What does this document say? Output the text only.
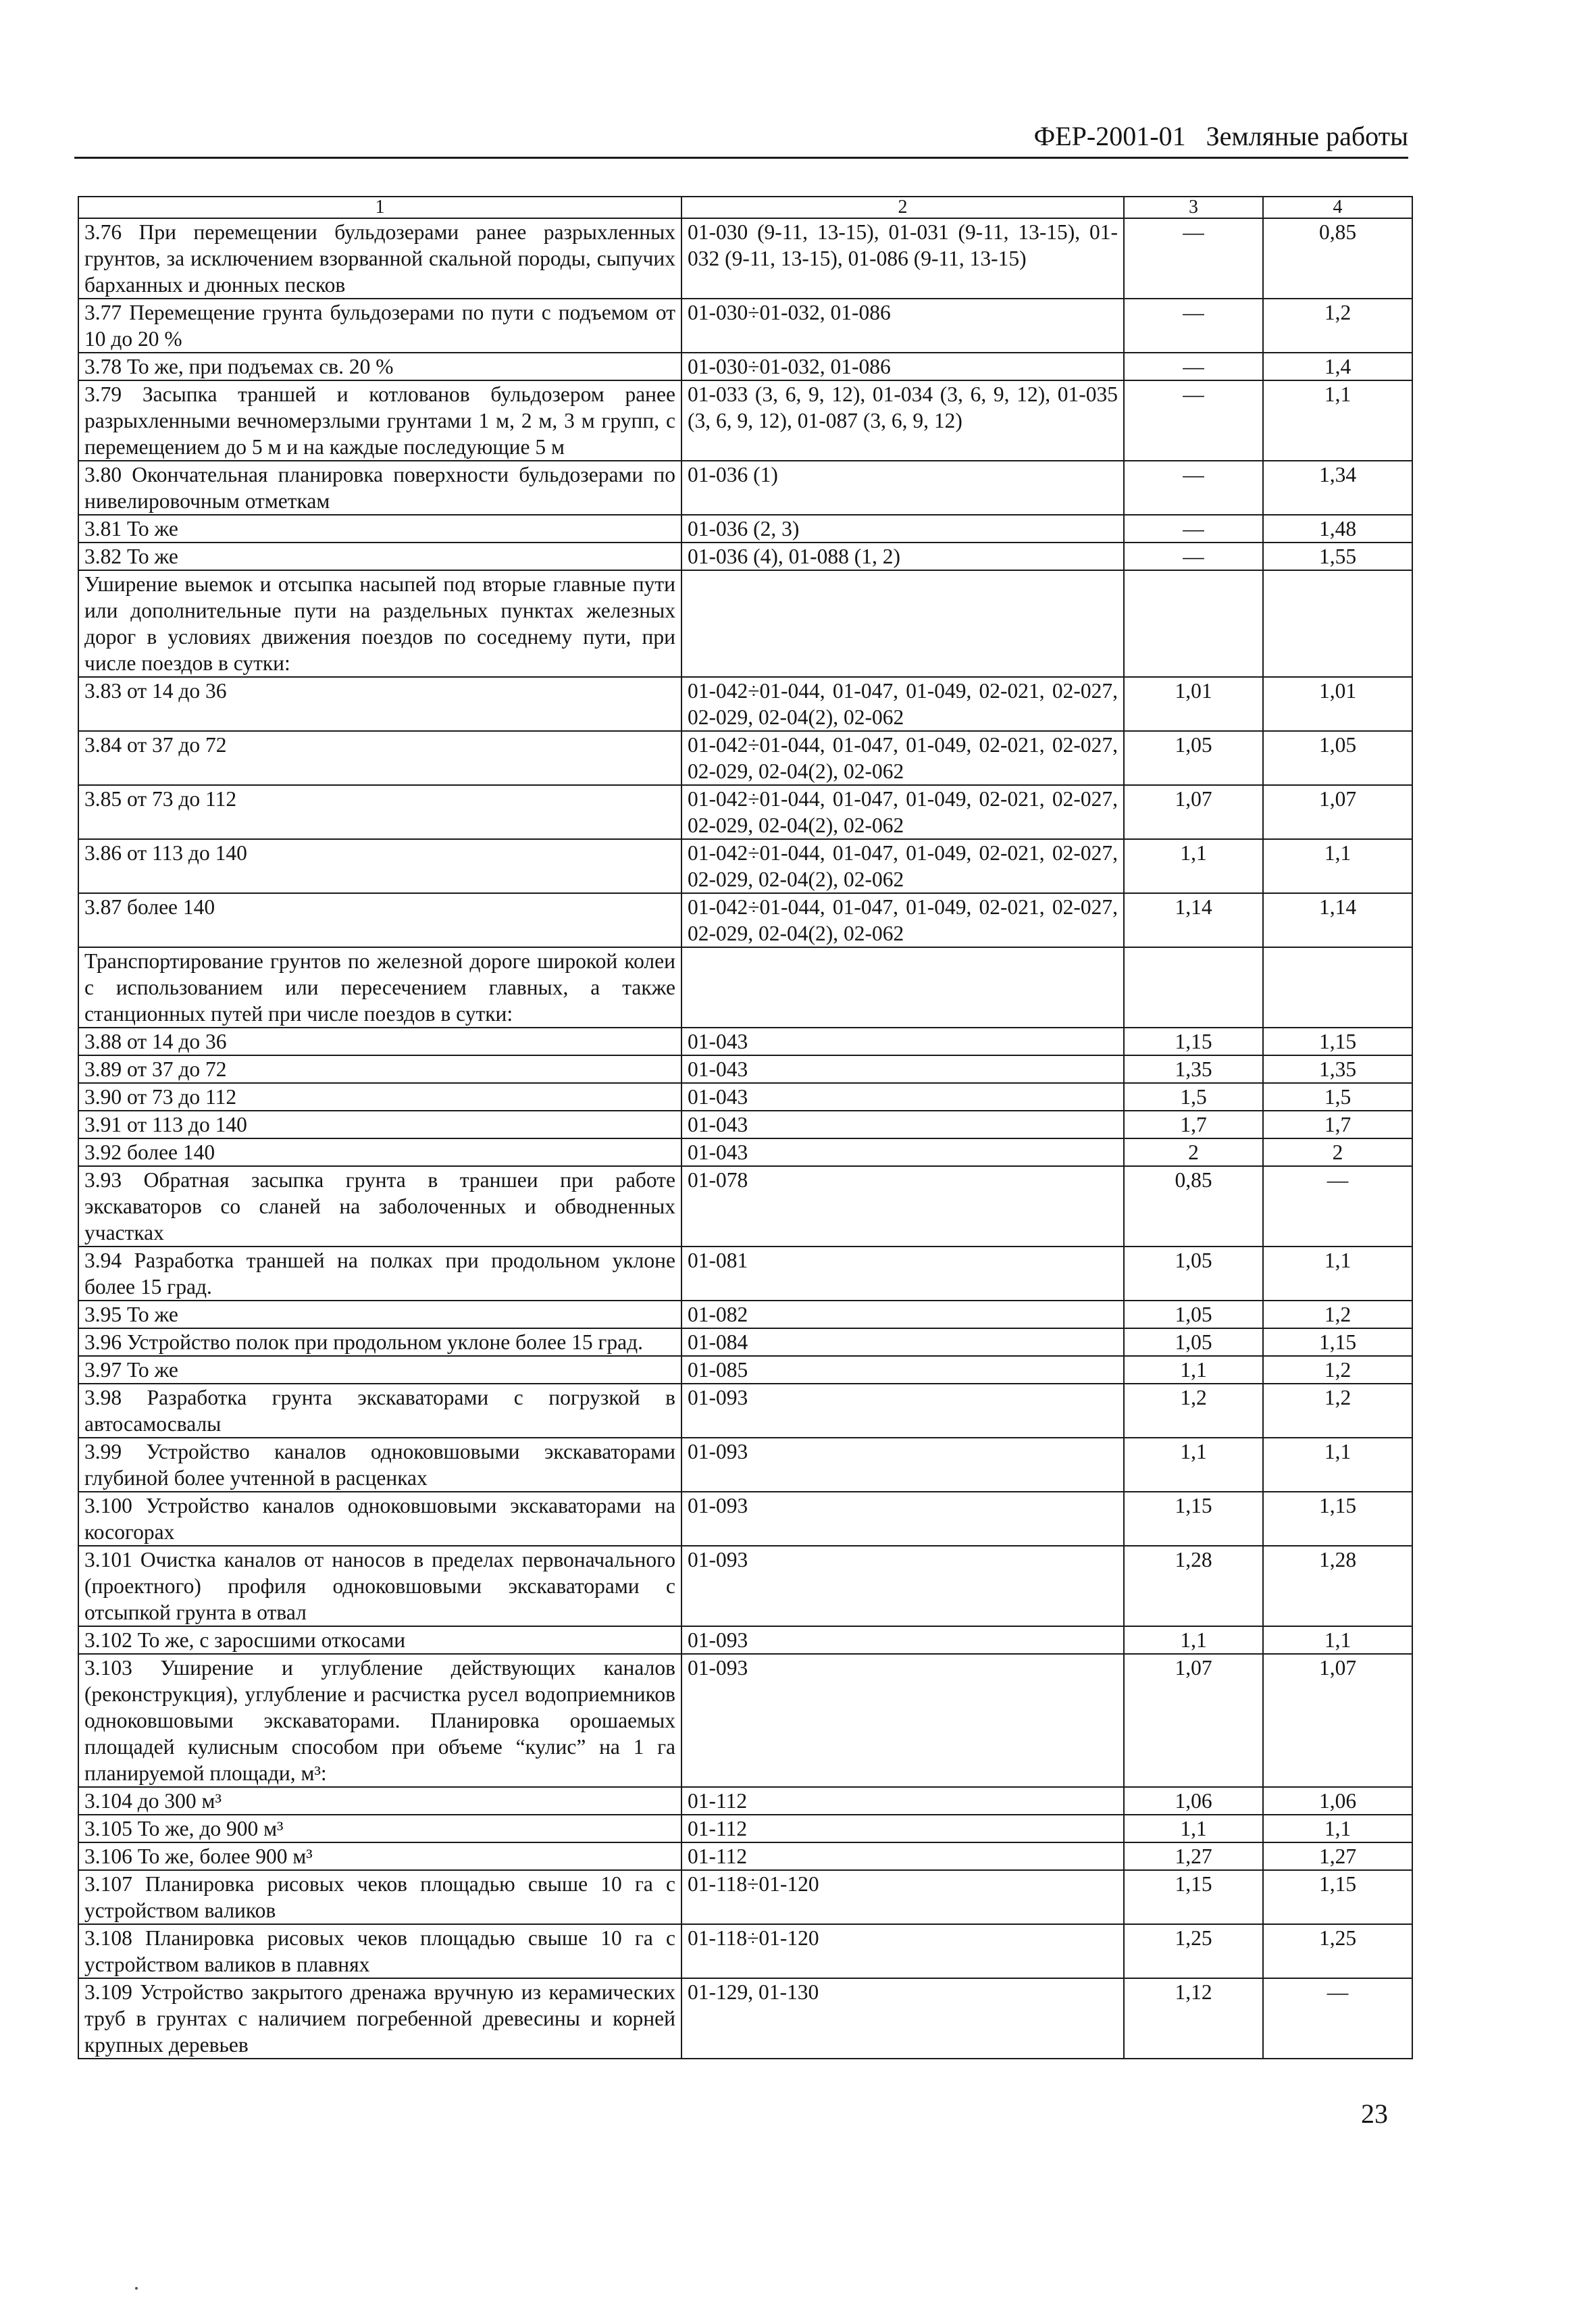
ФЕР-2001-01 Земляные работы
1	2	3	4
3.76 При перемещении бульдозерами ранее разрыхленных грунтов, за исключением взорванной скальной породы, сыпучих барханных и дюнных песков	01-030 (9-11, 13-15), 01-031 (9-11, 13-15), 01-032 (9-11, 13-15), 01-086 (9-11, 13-15)	—	0,85
3.77 Перемещение грунта бульдозерами по пути с подъемом от 10 до 20 %	01-030÷01-032, 01-086	—	1,2
3.78 То же, при подъемах св. 20 %	01-030÷01-032, 01-086	—	1,4
3.79 Засыпка траншей и котлованов бульдозером ранее разрыхленными вечномерзлыми грунтами 1 м, 2 м, 3 м групп, с перемещением до 5 м и на каждые последующие 5 м	01-033 (3, 6, 9, 12), 01-034 (3, 6, 9, 12), 01-035 (3, 6, 9, 12), 01-087 (3, 6, 9, 12)	—	1,1
3.80 Окончательная планировка поверхности бульдозерами по нивелировочным отметкам	01-036 (1)	—	1,34
3.81 То же	01-036 (2, 3)	—	1,48
3.82 То же	01-036 (4), 01-088 (1, 2)	—	1,55
Уширение выемок и отсыпка насыпей под вторые главные пути или дополнительные пути на раздельных пунктах железных дорог в условиях движения поездов по соседнему пути, при числе поездов в сутки:			
3.83 от 14 до 36	01-042÷01-044, 01-047, 01-049, 02-021, 02-027, 02-029, 02-04(2), 02-062	1,01	1,01
3.84 от 37 до 72	01-042÷01-044, 01-047, 01-049, 02-021, 02-027, 02-029, 02-04(2), 02-062	1,05	1,05
3.85 от 73 до 112	01-042÷01-044, 01-047, 01-049, 02-021, 02-027, 02-029, 02-04(2), 02-062	1,07	1,07
3.86 от 113 до 140	01-042÷01-044, 01-047, 01-049, 02-021, 02-027, 02-029, 02-04(2), 02-062	1,1	1,1
3.87 более 140	01-042÷01-044, 01-047, 01-049, 02-021, 02-027, 02-029, 02-04(2), 02-062	1,14	1,14
Транспортирование грунтов по железной дороге широкой колеи с использованием или пересечением главных, а также станционных путей при числе поездов в сутки:			
3.88 от 14 до 36	01-043	1,15	1,15
3.89 от 37 до 72	01-043	1,35	1,35
3.90 от 73 до 112	01-043	1,5	1,5
3.91 от 113 до 140	01-043	1,7	1,7
3.92 более 140	01-043	2	2
3.93 Обратная засыпка грунта в траншеи при работе экскаваторов со сланей на заболоченных и обводненных участках	01-078	0,85	—
3.94 Разработка траншей на полках при продольном уклоне более 15 град.	01-081	1,05	1,1
3.95 То же	01-082	1,05	1,2
3.96 Устройство полок при продольном уклоне более 15 град.	01-084	1,05	1,15
3.97 То же	01-085	1,1	1,2
3.98 Разработка грунта экскаваторами с погрузкой в автосамосвалы	01-093	1,2	1,2
3.99 Устройство каналов одноковшовыми экскаваторами глубиной более учтенной в расценках	01-093	1,1	1,1
3.100 Устройство каналов одноковшовыми экскаваторами на косогорах	01-093	1,15	1,15
3.101 Очистка каналов от наносов в пределах первоначального (проектного) профиля одноковшовыми экскаваторами с отсыпкой грунта в отвал	01-093	1,28	1,28
3.102 То же, с заросшими откосами	01-093	1,1	1,1
3.103 Уширение и углубление действующих каналов (реконструкция), углубление и расчистка русел водоприемников одноковшовыми экскаваторами. Планировка орошаемых площадей кулисным способом при объеме “кулис” на 1 га планируемой площади, м³:	01-093	1,07	1,07
3.104 до 300 м³	01-112	1,06	1,06
3.105 То же, до 900 м³	01-112	1,1	1,1
3.106 То же, более 900 м³	01-112	1,27	1,27
3.107 Планировка рисовых чеков площадью свыше 10 га с устройством валиков	01-118÷01-120	1,15	1,15
3.108 Планировка рисовых чеков площадью свыше 10 га с устройством валиков в плавнях	01-118÷01-120	1,25	1,25
3.109 Устройство закрытого дренажа вручную из керамических труб в грунтах с наличием погребенной древесины и корней крупных деревьев	01-129, 01-130	1,12	—
23
